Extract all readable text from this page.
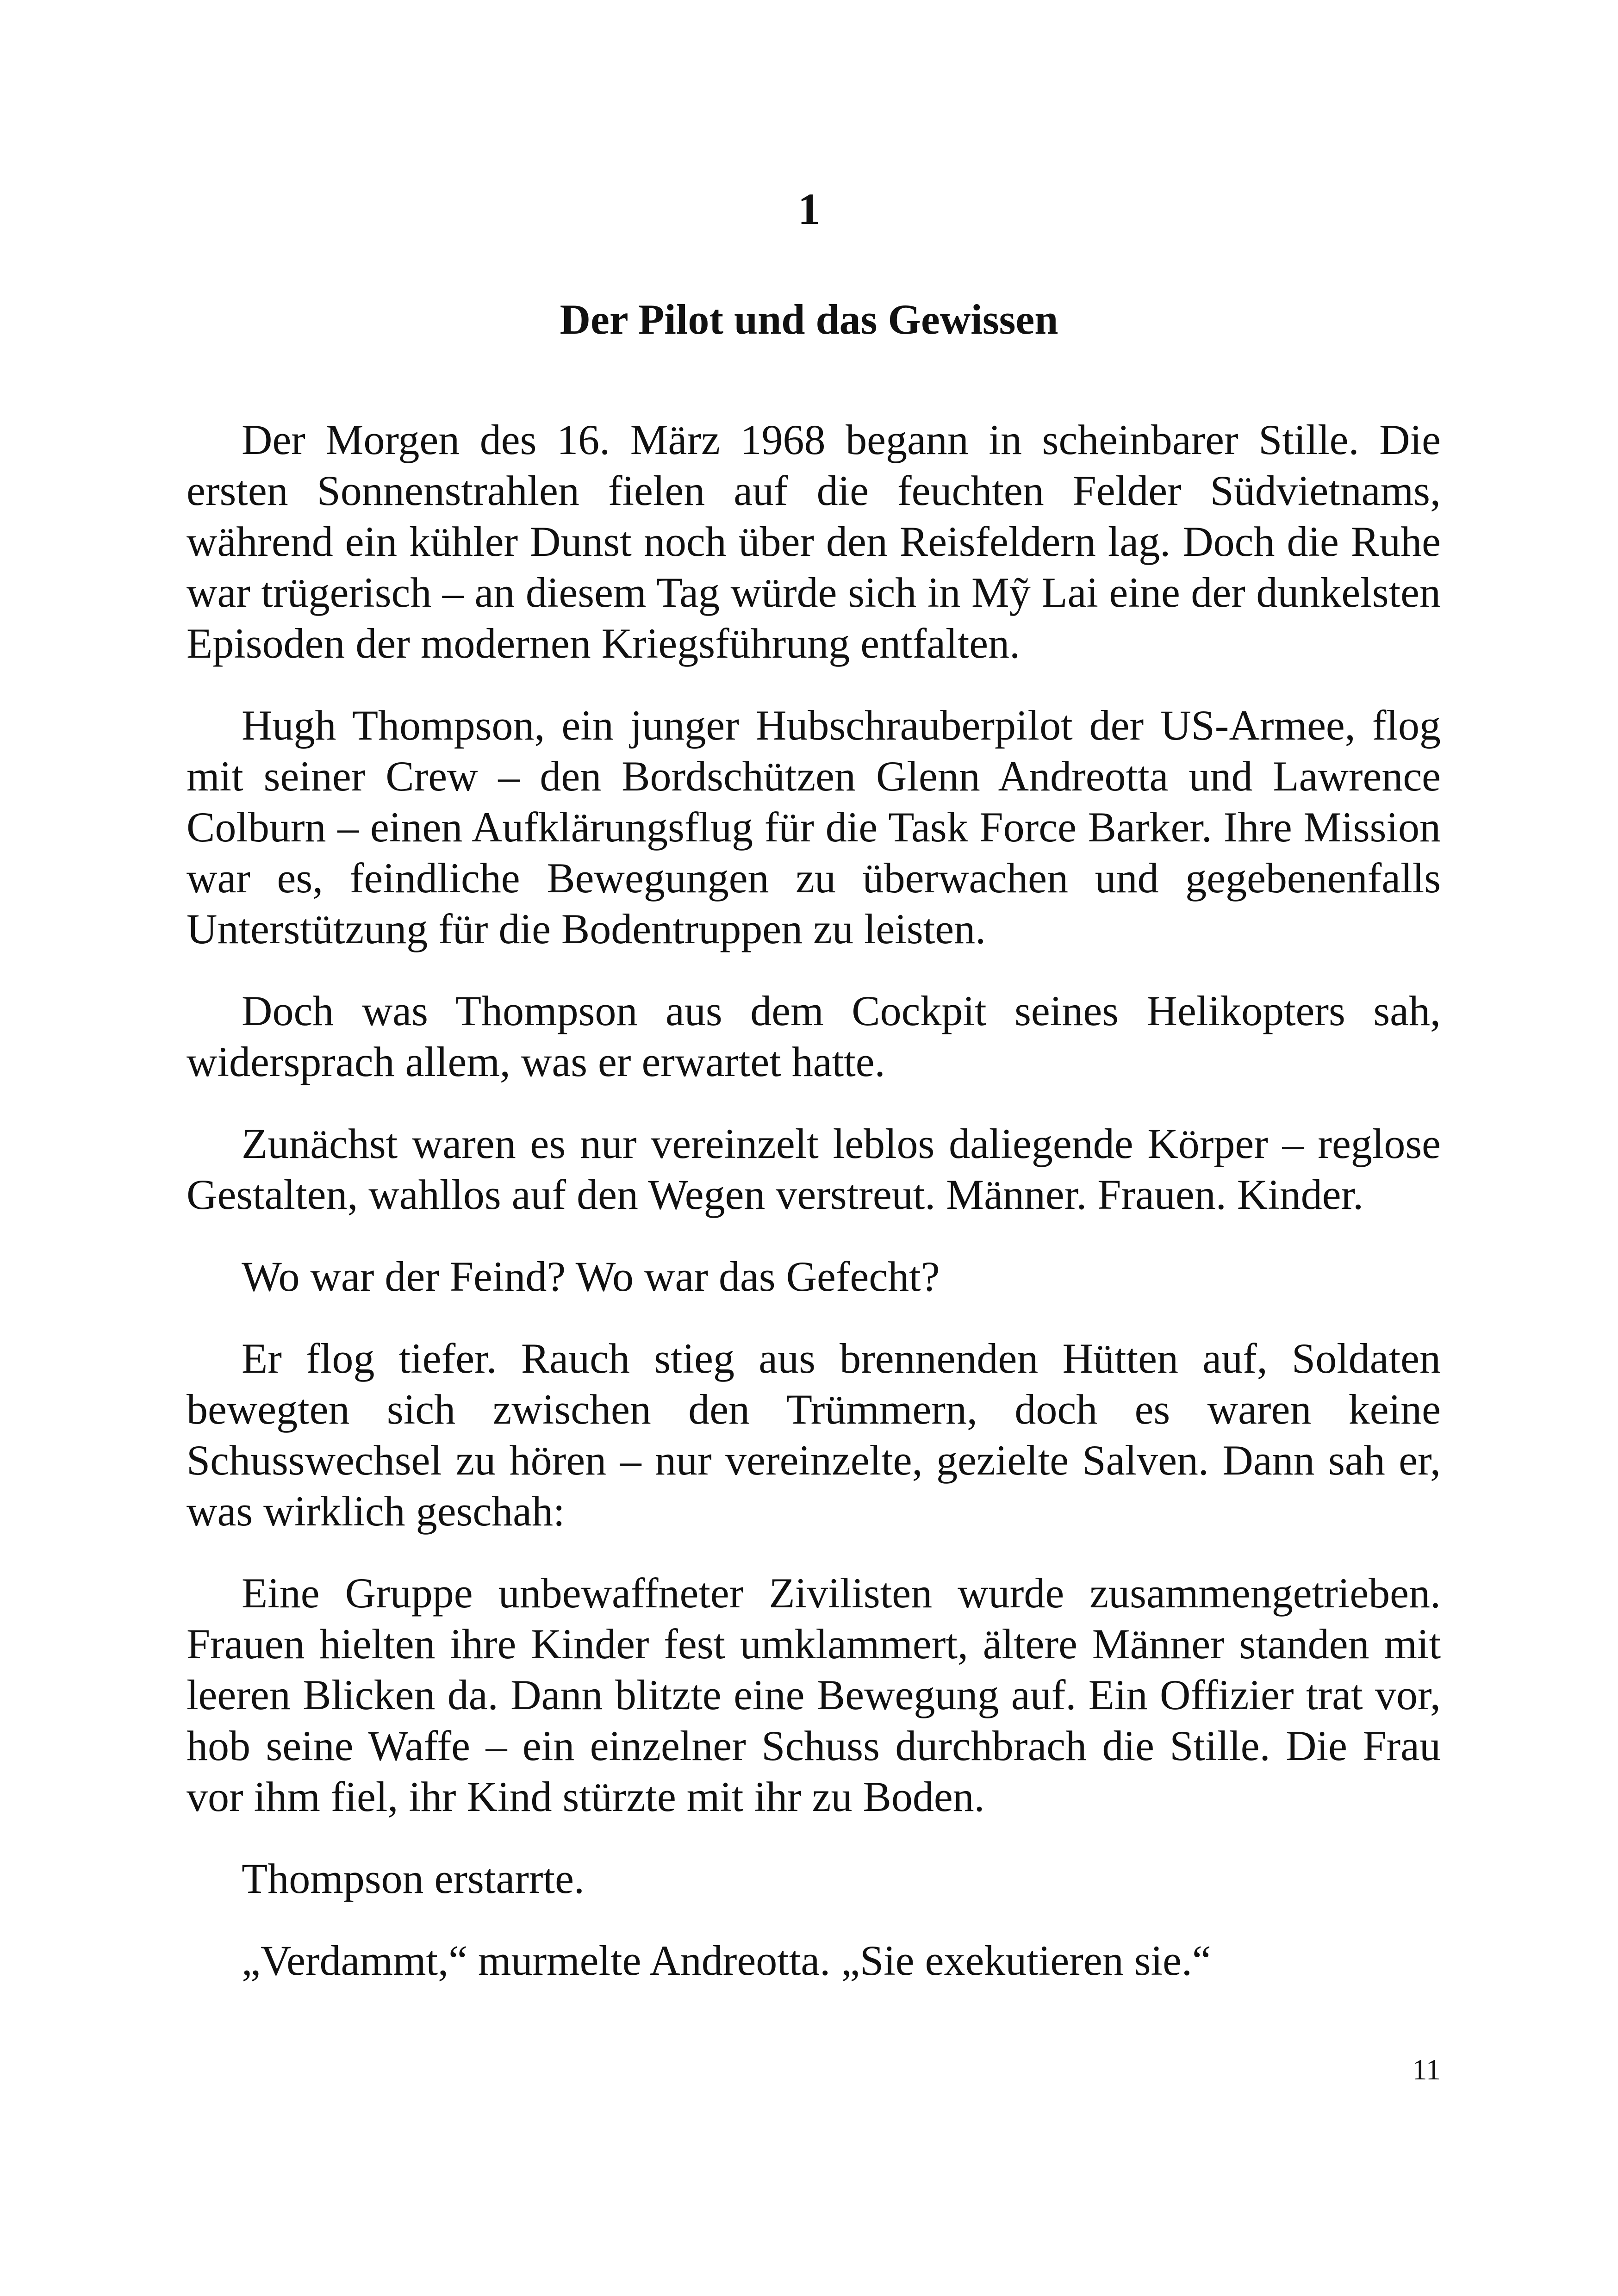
1
Der Pilot und das Gewissen

Der Morgen des 16. März 1968 begann in scheinbarer Stille. Die ersten Sonnenstrahlen fielen auf die feuchten Felder Südvietnams, während ein kühler Dunst noch über den Reisfeldern lag. Doch die Ruhe war trügerisch – an diesem Tag würde sich in Mỹ Lai eine der dunkelsten Episoden der modernen Kriegsführung entfalten.

Hugh Thompson, ein junger Hubschrauberpilot der US-Armee, flog mit seiner Crew – den Bordschützen Glenn Andreotta und Lawrence Colburn – einen Aufklärungsflug für die Task Force Barker. Ihre Mission war es, feindliche Bewegungen zu überwachen und gegebenenfalls Unterstützung für die Bodentruppen zu leisten.

Doch was Thompson aus dem Cockpit seines Helikopters sah, widersprach allem, was er erwartet hatte.

Zunächst waren es nur vereinzelt leblos daliegende Körper – reglose Gestalten, wahllos auf den Wegen verstreut. Männer. Frauen. Kinder.

Wo war der Feind? Wo war das Gefecht?

Er flog tiefer. Rauch stieg aus brennenden Hütten auf, Soldaten bewegten sich zwischen den Trümmern, doch es waren keine Schusswechsel zu hören – nur vereinzelte, gezielte Salven. Dann sah er, was wirklich geschah:

Eine Gruppe unbewaffneter Zivilisten wurde zusammengetrieben. Frauen hielten ihre Kinder fest umklammert, ältere Männer standen mit leeren Blicken da. Dann blitzte eine Bewegung auf. Ein Offizier trat vor, hob seine Waffe – ein einzelner Schuss durchbrach die Stille. Die Frau vor ihm fiel, ihr Kind stürzte mit ihr zu Boden.

Thompson erstarrte.

„Verdammt,“ murmelte Andreotta. „Sie exekutieren sie.“

11
